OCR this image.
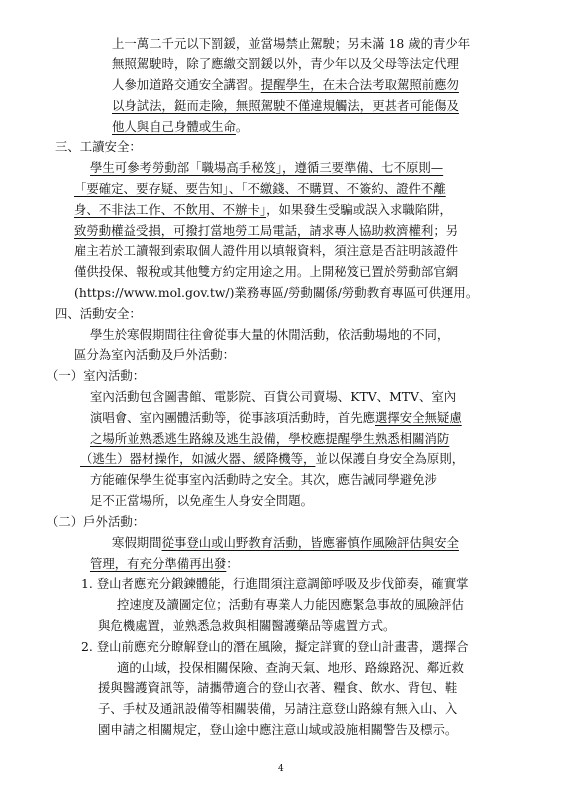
上一萬二千元以下罰鍰，並當場禁止駕駛；另未滿 18 歲的青少年
無照駕駛時，除了應繳交罰鍰以外，青少年以及父母等法定代理
人參加道路交通安全講習。提醒學生，在未合法考取駕照前應勿
以身試法，鋌而走險，無照駕駛不僅違規觸法，更甚者可能傷及
他人與自己身體或生命。
三、工讀安全：
學生可參考勞動部「職場高手秘笈」，遵循三要準備、七不原則—
「要確定、要存疑、要告知」、「不繳錢、不購買、不簽約、證件不離
身、不非法工作、不飲用、不辦卡」，如果發生受騙或誤入求職陷阱，
致勞動權益受損，可撥打當地勞工局電話，請求專人協助救濟權利；另
雇主若於工讀報到索取個人證件用以填報資料，須注意是否註明該證件
僅供投保、報稅或其他雙方約定用途之用。上開秘笈已置於勞動部官網
(https://www.mol.gov.tw/)業務專區/勞動關係/勞動教育專區可供運用。
四、活動安全：
學生於寒假期間往往會從事大量的休閒活動，依活動場地的不同，
區分為室內活動及戶外活動：
（一）室內活動：
室內活動包含圖書館、電影院、百貨公司賣場、KTV、MTV、室內
演唱會、室內團體活動等，從事該項活動時，首先應選擇安全無疑慮
之場所並熟悉逃生路線及逃生設備，學校應提醒學生熟悉相關消防
（逃生）器材操作，如滅火器、緩降機等，並以保護自身安全為原則，
方能確保學生從事室內活動時之安全。其次，應告誡同學避免涉
足不正當場所，以免產生人身安全問題。
（二）戶外活動：
寒假期間從事登山或山野教育活動，皆應審慎作風險評估與安全
管理，有充分準備再出發：
1. 登山者應充分鍛鍊體能，行進間須注意調節呼吸及步伐節奏，確實掌
控速度及讀圖定位；活動有專業人力能因應緊急事故的風險評估
與危機處置，並熟悉急救與相關醫護藥品等處置方式。
2. 登山前應充分瞭解登山的潛在風險，擬定詳實的登山計畫書，選擇合
適的山域，投保相關保險、查詢天氣、地形、路線路況、鄰近救
援與醫護資訊等，請攜帶適合的登山衣著、糧食、飲水、背包、鞋
子、手杖及通訊設備等相關裝備，另請注意登山路線有無入山、入
園申請之相關規定，登山途中應注意山域或設施相關警告及標示。
4
